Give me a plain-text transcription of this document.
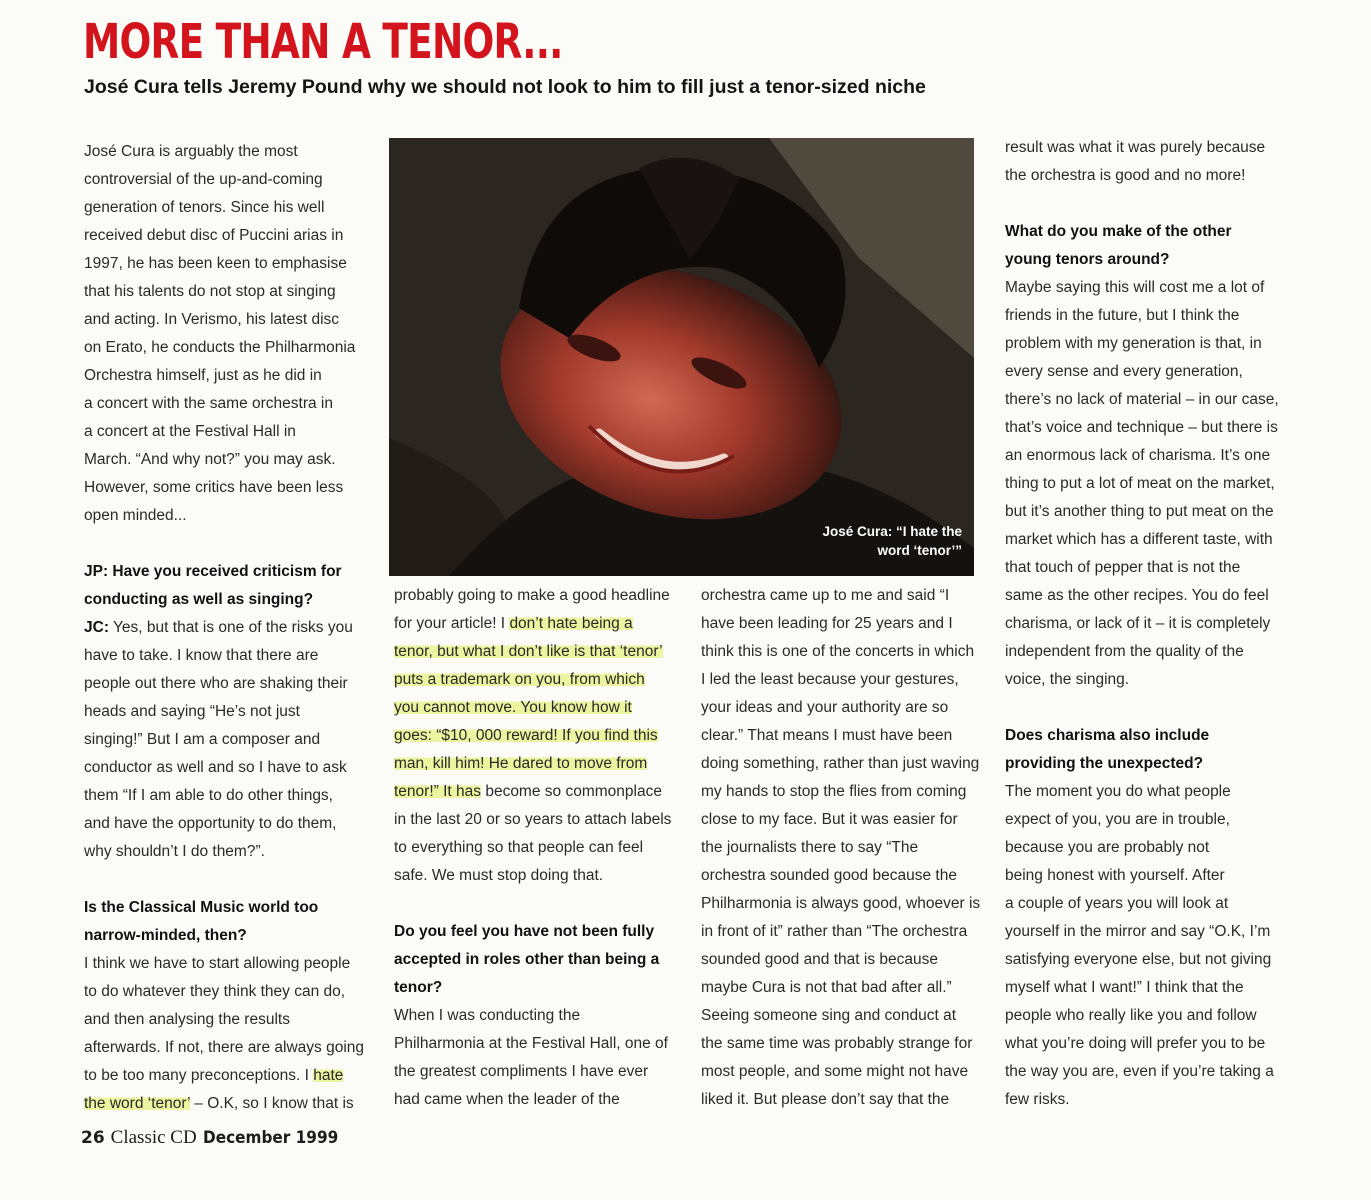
MORE THAN A TENOR...

José Cura tells Jeremy Pound why we should not look to him to fill just a tenor-sized niche

José Cura is arguably the most

controversial of the up-and-coming

generation of tenors. Since his well

received debut disc of Puccini arias in

1997, he has been keen to emphasise

that his talents do not stop at singing

and acting. In Verismo, his latest disc

on Erato, he conducts the Philharmonia

Orchestra himself, just as he did in

a concert with the same orchestra in

a concert at the Festival Hall in

March. “And why not?” you may ask.

However, some critics have been less

open minded...

JP: Have you received criticism for

conducting as well as singing?

JC: Yes, but that is one of the risks you

have to take. I know that there are

people out there who are shaking their

heads and saying “He’s not just

singing!” But I am a composer and

conductor as well and so I have to ask

them “If I am able to do other things,

and have the opportunity to do them,

why shouldn’t I do them?”.

Is the Classical Music world too

narrow-minded, then?

I think we have to start allowing people

to do whatever they think they can do,

and then analysing the results

afterwards. If not, there are always going

to be too many preconceptions. I hate

the word ‘tenor’ – O.K, so I know that is

José Cura: “I hate the
word ‘tenor’”

probably going to make a good headline

for your article! I don’t hate being a

tenor, but what I don’t like is that ‘tenor’

puts a trademark on you, from which

you cannot move. You know how it

goes: “$10, 000 reward! If you find this

man, kill him! He dared to move from

tenor!” It has become so commonplace

in the last 20 or so years to attach labels

to everything so that people can feel

safe. We must stop doing that.

Do you feel you have not been fully

accepted in roles other than being a

tenor?

When I was conducting the

Philharmonia at the Festival Hall, one of

the greatest compliments I have ever

had came when the leader of the

orchestra came up to me and said “I

have been leading for 25 years and I

think this is one of the concerts in which

I led the least because your gestures,

your ideas and your authority are so

clear.” That means I must have been

doing something, rather than just waving

my hands to stop the flies from coming

close to my face. But it was easier for

the journalists there to say “The

orchestra sounded good because the

Philharmonia is always good, whoever is

in front of it” rather than “The orchestra

sounded good and that is because

maybe Cura is not that bad after all.”

Seeing someone sing and conduct at

the same time was probably strange for

most people, and some might not have

liked it. But please don’t say that the

result was what it was purely because

the orchestra is good and no more!

What do you make of the other

young tenors around?

Maybe saying this will cost me a lot of

friends in the future, but I think the

problem with my generation is that, in

every sense and every generation,

there’s no lack of material – in our case,

that’s voice and technique – but there is

an enormous lack of charisma. It’s one

thing to put a lot of meat on the market,

but it’s another thing to put meat on the

market which has a different taste, with

that touch of pepper that is not the

same as the other recipes. You do feel

charisma, or lack of it – it is completely

independent from the quality of the

voice, the singing.

Does charisma also include

providing the unexpected?

The moment you do what people

expect of you, you are in trouble,

because you are probably not

being honest with yourself. After

a couple of years you will look at

yourself in the mirror and say “O.K, I’m

satisfying everyone else, but not giving

myself what I want!” I think that the

people who really like you and follow

what you’re doing will prefer you to be

the way you are, even if you’re taking a

few risks.

26 Classic CD December 1999
